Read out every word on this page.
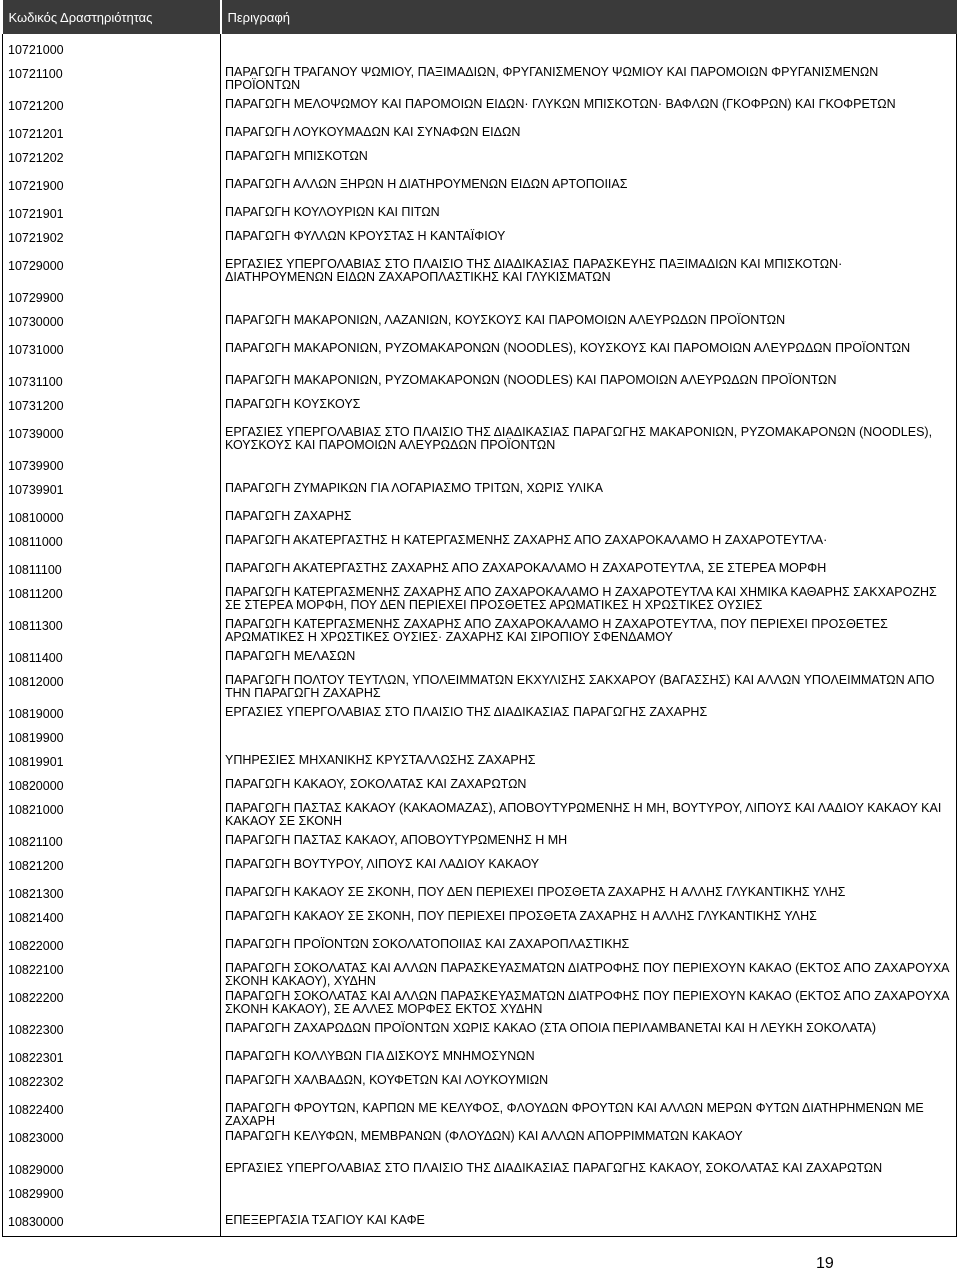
Κωδικός Δραστηριότητας	Περιγραφή

10721000	
10721100	ΠΑΡΑΓΩΓΗ ΤΡΑΓΑΝΟΥ ΨΩΜΙΟΥ, ΠΑΞΙΜΑΔΙΩΝ, ΦΡΥΓΑΝΙΣΜΕΝΟΥ ΨΩΜΙΟΥ ΚΑΙ ΠΑΡΟΜΟΙΩΝ ΦΡΥΓΑΝΙΣΜΕΝΩΝ ΠΡΟΪΟΝΤΩΝ
10721200	ΠΑΡΑΓΩΓΗ ΜΕΛΟΨΩΜΟΥ ΚΑΙ ΠΑΡΟΜΟΙΩΝ ΕΙΔΩΝ· ΓΛΥΚΩΝ ΜΠΙΣΚΟΤΩΝ· ΒΑΦΛΩΝ (ΓΚΟΦΡΩΝ) ΚΑΙ ΓΚΟΦΡΕΤΩΝ
10721201	ΠΑΡΑΓΩΓΗ ΛΟΥΚΟΥΜΑΔΩΝ ΚΑΙ ΣΥΝΑΦΩΝ ΕΙΔΩΝ
10721202	ΠΑΡΑΓΩΓΗ ΜΠΙΣΚΟΤΩΝ
10721900	ΠΑΡΑΓΩΓΗ ΑΛΛΩΝ ΞΗΡΩΝ Η ΔΙΑΤΗΡΟΥΜΕΝΩΝ ΕΙΔΩΝ ΑΡΤΟΠΟΙΙΑΣ
10721901	ΠΑΡΑΓΩΓΗ ΚΟΥΛΟΥΡΙΩΝ ΚΑΙ ΠΙΤΩΝ
10721902	ΠΑΡΑΓΩΓΗ ΦΥΛΛΩΝ ΚΡΟΥΣΤΑΣ Η ΚΑΝΤΑΪΦΙΟΥ
10729000	ΕΡΓΑΣΙΕΣ ΥΠΕΡΓΟΛΑΒΙΑΣ ΣΤΟ ΠΛΑΙΣΙΟ ΤΗΣ ΔΙΑΔΙΚΑΣΙΑΣ ΠΑΡΑΣΚΕΥΗΣ ΠΑΞΙΜΑΔΙΩΝ ΚΑΙ ΜΠΙΣΚΟΤΩΝ· ΔΙΑΤΗΡΟΥΜΕΝΩΝ ΕΙΔΩΝ ΖΑΧΑΡΟΠΛΑΣΤΙΚΗΣ ΚΑΙ ΓΛΥΚΙΣΜΑΤΩΝ
10729900	
10730000	ΠΑΡΑΓΩΓΗ ΜΑΚΑΡΟΝΙΩΝ, ΛΑΖΑΝΙΩΝ, ΚΟΥΣΚΟΥΣ ΚΑΙ ΠΑΡΟΜΟΙΩΝ ΑΛΕΥΡΩΔΩΝ ΠΡΟΪΟΝΤΩΝ
10731000	ΠΑΡΑΓΩΓΗ ΜΑΚΑΡΟΝΙΩΝ, ΡΥΖΟΜΑΚΑΡΟΝΩΝ (NOODLES), ΚΟΥΣΚΟΥΣ ΚΑΙ ΠΑΡΟΜΟΙΩΝ ΑΛΕΥΡΩΔΩΝ ΠΡΟΪΟΝΤΩΝ
10731100	ΠΑΡΑΓΩΓΗ ΜΑΚΑΡΟΝΙΩΝ, ΡΥΖΟΜΑΚΑΡΟΝΩΝ (NOODLES) ΚΑΙ ΠΑΡΟΜΟΙΩΝ ΑΛΕΥΡΩΔΩΝ ΠΡΟΪΟΝΤΩΝ
10731200	ΠΑΡΑΓΩΓΗ ΚΟΥΣΚΟΥΣ
10739000	ΕΡΓΑΣΙΕΣ ΥΠΕΡΓΟΛΑΒΙΑΣ ΣΤΟ ΠΛΑΙΣΙΟ ΤΗΣ ΔΙΑΔΙΚΑΣΙΑΣ ΠΑΡΑΓΩΓΗΣ ΜΑΚΑΡΟΝΙΩΝ, ΡΥΖΟΜΑΚΑΡΟΝΩΝ (NOODLES), ΚΟΥΣΚΟΥΣ ΚΑΙ ΠΑΡΟΜΟΙΩΝ ΑΛΕΥΡΩΔΩΝ ΠΡΟΪΟΝΤΩΝ
10739900	
10739901	ΠΑΡΑΓΩΓΗ ΖΥΜΑΡΙΚΩΝ ΓΙΑ ΛΟΓΑΡΙΑΣΜΟ ΤΡΙΤΩΝ, ΧΩΡΙΣ ΥΛΙΚΑ
10810000	ΠΑΡΑΓΩΓΗ ΖΑΧΑΡΗΣ
10811000	ΠΑΡΑΓΩΓΗ ΑΚΑΤΕΡΓΑΣΤΗΣ Η ΚΑΤΕΡΓΑΣΜΕΝΗΣ ΖΑΧΑΡΗΣ ΑΠΟ ΖΑΧΑΡΟΚΑΛΑΜΟ Η ΖΑΧΑΡΟΤΕΥΤΛΑ·
10811100	ΠΑΡΑΓΩΓΗ ΑΚΑΤΕΡΓΑΣΤΗΣ ΖΑΧΑΡΗΣ ΑΠΟ ΖΑΧΑΡΟΚΑΛΑΜΟ Η ΖΑΧΑΡΟΤΕΥΤΛΑ, ΣΕ ΣΤΕΡΕΑ ΜΟΡΦΗ
10811200	ΠΑΡΑΓΩΓΗ ΚΑΤΕΡΓΑΣΜΕΝΗΣ ΖΑΧΑΡΗΣ ΑΠΟ ΖΑΧΑΡΟΚΑΛΑΜΟ Η ΖΑΧΑΡΟΤΕΥΤΛΑ ΚΑΙ ΧΗΜΙΚΑ ΚΑΘΑΡΗΣ ΣΑΚΧΑΡΟΖΗΣ ΣΕ ΣΤΕΡΕΑ ΜΟΡΦΗ, ΠΟΥ ΔΕΝ ΠΕΡΙΕΧΕΙ ΠΡΟΣΘΕΤΕΣ ΑΡΩΜΑΤΙΚΕΣ Η ΧΡΩΣΤΙΚΕΣ ΟΥΣΙΕΣ
10811300	ΠΑΡΑΓΩΓΗ ΚΑΤΕΡΓΑΣΜΕΝΗΣ ΖΑΧΑΡΗΣ ΑΠΟ ΖΑΧΑΡΟΚΑΛΑΜΟ Η ΖΑΧΑΡΟΤΕΥΤΛΑ, ΠΟΥ ΠΕΡΙΕΧΕΙ ΠΡΟΣΘΕΤΕΣ ΑΡΩΜΑΤΙΚΕΣ Η ΧΡΩΣΤΙΚΕΣ ΟΥΣΙΕΣ· ΖΑΧΑΡΗΣ ΚΑΙ ΣΙΡΟΠΙΟΥ ΣΦΕΝΔΑΜΟΥ
10811400	ΠΑΡΑΓΩΓΗ ΜΕΛΑΣΩΝ
10812000	ΠΑΡΑΓΩΓΗ ΠΟΛΤΟΥ ΤΕΥΤΛΩΝ, ΥΠΟΛΕΙΜΜΑΤΩΝ ΕΚΧΥΛΙΣΗΣ ΣΑΚΧΑΡΟΥ (ΒΑΓΑΣΣΗΣ) ΚΑΙ ΑΛΛΩΝ ΥΠΟΛΕΙΜΜΑΤΩΝ ΑΠΟ ΤΗΝ ΠΑΡΑΓΩΓΗ ΖΑΧΑΡΗΣ
10819000	ΕΡΓΑΣΙΕΣ ΥΠΕΡΓΟΛΑΒΙΑΣ ΣΤΟ ΠΛΑΙΣΙΟ ΤΗΣ ΔΙΑΔΙΚΑΣΙΑΣ ΠΑΡΑΓΩΓΗΣ ΖΑΧΑΡΗΣ
10819900	
10819901	ΥΠΗΡΕΣΙΕΣ ΜΗΧΑΝΙΚΗΣ ΚΡΥΣΤΑΛΛΩΣΗΣ ΖΑΧΑΡΗΣ
10820000	ΠΑΡΑΓΩΓΗ ΚΑΚΑΟΥ, ΣΟΚΟΛΑΤΑΣ ΚΑΙ ΖΑΧΑΡΩΤΩΝ
10821000	ΠΑΡΑΓΩΓΗ ΠΑΣΤΑΣ ΚΑΚΑΟΥ (ΚΑΚΑΟΜΑΖΑΣ), ΑΠΟΒΟΥΤΥΡΩΜΕΝΗΣ Η ΜΗ, ΒΟΥΤΥΡΟΥ, ΛΙΠΟΥΣ ΚΑΙ ΛΑΔΙΟΥ ΚΑΚΑΟΥ ΚΑΙ ΚΑΚΑΟΥ ΣΕ ΣΚΟΝΗ
10821100	ΠΑΡΑΓΩΓΗ ΠΑΣΤΑΣ ΚΑΚΑΟΥ, ΑΠΟΒΟΥΤΥΡΩΜΕΝΗΣ Η ΜΗ
10821200	ΠΑΡΑΓΩΓΗ ΒΟΥΤΥΡΟΥ, ΛΙΠΟΥΣ ΚΑΙ ΛΑΔΙΟΥ ΚΑΚΑΟΥ
10821300	ΠΑΡΑΓΩΓΗ ΚΑΚΑΟΥ ΣΕ ΣΚΟΝΗ, ΠΟΥ ΔΕΝ ΠΕΡΙΕΧΕΙ ΠΡΟΣΘΕΤΑ ΖΑΧΑΡΗΣ Η ΑΛΛΗΣ ΓΛΥΚΑΝΤΙΚΗΣ ΥΛΗΣ
10821400	ΠΑΡΑΓΩΓΗ ΚΑΚΑΟΥ ΣΕ ΣΚΟΝΗ, ΠΟΥ ΠΕΡΙΕΧΕΙ ΠΡΟΣΘΕΤΑ ΖΑΧΑΡΗΣ Η ΑΛΛΗΣ ΓΛΥΚΑΝΤΙΚΗΣ ΥΛΗΣ
10822000	ΠΑΡΑΓΩΓΗ ΠΡΟΪΟΝΤΩΝ ΣΟΚΟΛΑΤΟΠΟΙΙΑΣ ΚΑΙ ΖΑΧΑΡΟΠΛΑΣΤΙΚΗΣ
10822100	ΠΑΡΑΓΩΓΗ ΣΟΚΟΛΑΤΑΣ ΚΑΙ ΑΛΛΩΝ ΠΑΡΑΣΚΕΥΑΣΜΑΤΩΝ ΔΙΑΤΡΟΦΗΣ ΠΟΥ ΠΕΡΙΕΧΟΥΝ ΚΑΚΑΟ (ΕΚΤΟΣ ΑΠΟ ΖΑΧΑΡΟΥΧΑ ΣΚΟΝΗ ΚΑΚΑΟΥ), ΧΥΔΗΝ
10822200	ΠΑΡΑΓΩΓΗ ΣΟΚΟΛΑΤΑΣ ΚΑΙ ΑΛΛΩΝ ΠΑΡΑΣΚΕΥΑΣΜΑΤΩΝ ΔΙΑΤΡΟΦΗΣ ΠΟΥ ΠΕΡΙΕΧΟΥΝ ΚΑΚΑΟ (ΕΚΤΟΣ ΑΠΟ ΖΑΧΑΡΟΥΧΑ ΣΚΟΝΗ ΚΑΚΑΟΥ), ΣΕ ΑΛΛΕΣ ΜΟΡΦΕΣ ΕΚΤΟΣ ΧΥΔΗΝ
10822300	ΠΑΡΑΓΩΓΗ ΖΑΧΑΡΩΔΩΝ ΠΡΟΪΟΝΤΩΝ ΧΩΡΙΣ ΚΑΚΑΟ (ΣΤΑ ΟΠΟΙΑ ΠΕΡΙΛΑΜΒΑΝΕΤΑΙ ΚΑΙ Η ΛΕΥΚΗ ΣΟΚΟΛΑΤΑ)
10822301	ΠΑΡΑΓΩΓΗ ΚΟΛΛΥΒΩΝ ΓΙΑ ΔΙΣΚΟΥΣ ΜΝΗΜΟΣΥΝΩΝ
10822302	ΠΑΡΑΓΩΓΗ ΧΑΛΒΑΔΩΝ, ΚΟΥΦΕΤΩΝ ΚΑΙ ΛΟΥΚΟΥΜΙΩΝ
10822400	ΠΑΡΑΓΩΓΗ ΦΡΟΥΤΩΝ, ΚΑΡΠΩΝ ΜΕ ΚΕΛΥΦΟΣ, ΦΛΟΥΔΩΝ ΦΡΟΥΤΩΝ ΚΑΙ ΑΛΛΩΝ ΜΕΡΩΝ ΦΥΤΩΝ ΔΙΑΤΗΡΗΜΕΝΩΝ ΜΕ ΖΑΧΑΡΗ
10823000	ΠΑΡΑΓΩΓΗ ΚΕΛΥΦΩΝ, ΜΕΜΒΡΑΝΩΝ (ΦΛΟΥΔΩΝ) ΚΑΙ ΑΛΛΩΝ ΑΠΟΡΡΙΜΜΑΤΩΝ ΚΑΚΑΟΥ
10829000	ΕΡΓΑΣΙΕΣ ΥΠΕΡΓΟΛΑΒΙΑΣ ΣΤΟ ΠΛΑΙΣΙΟ ΤΗΣ ΔΙΑΔΙΚΑΣΙΑΣ ΠΑΡΑΓΩΓΗΣ ΚΑΚΑΟΥ, ΣΟΚΟΛΑΤΑΣ ΚΑΙ ΖΑΧΑΡΩΤΩΝ
10829900	
10830000	ΕΠΕΞΕΡΓΑΣΙΑ ΤΣΑΓΙΟΥ ΚΑΙ ΚΑΦΕ
19
